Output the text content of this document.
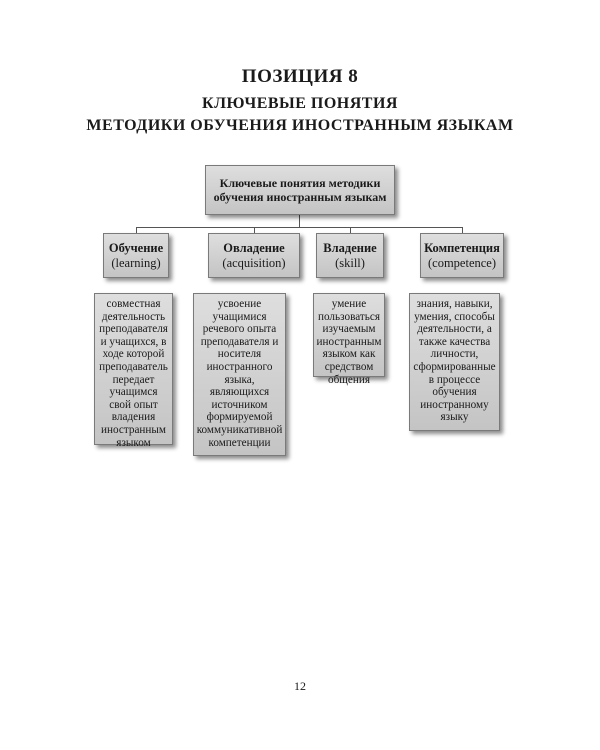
ПОЗИЦИЯ 8
КЛЮЧЕВЫЕ ПОНЯТИЯ
МЕТОДИКИ ОБУЧЕНИЯ ИНОСТРАННЫМ ЯЗЫКАМ
Ключевые понятия методики
обучения иностранным языкам
Обучение
(learning)
Овладение
(acquisition)
Владение
(skill)
Компетенция
(competence)
совместная деятельность преподавателя и учащихся, в ходе которой преподаватель передает учащимся свой опыт владения иностранным языком
усвоение учащимися речевого опыта преподавателя и носителя иностранного языка, являющихся источником формируемой коммуникативной компетенции
умение пользоваться изучаемым иностранным языком как средством общения
знания, навыки, умения, способы деятельности, а также качества личности, сформированные в процессе обучения иностранному языку
12
